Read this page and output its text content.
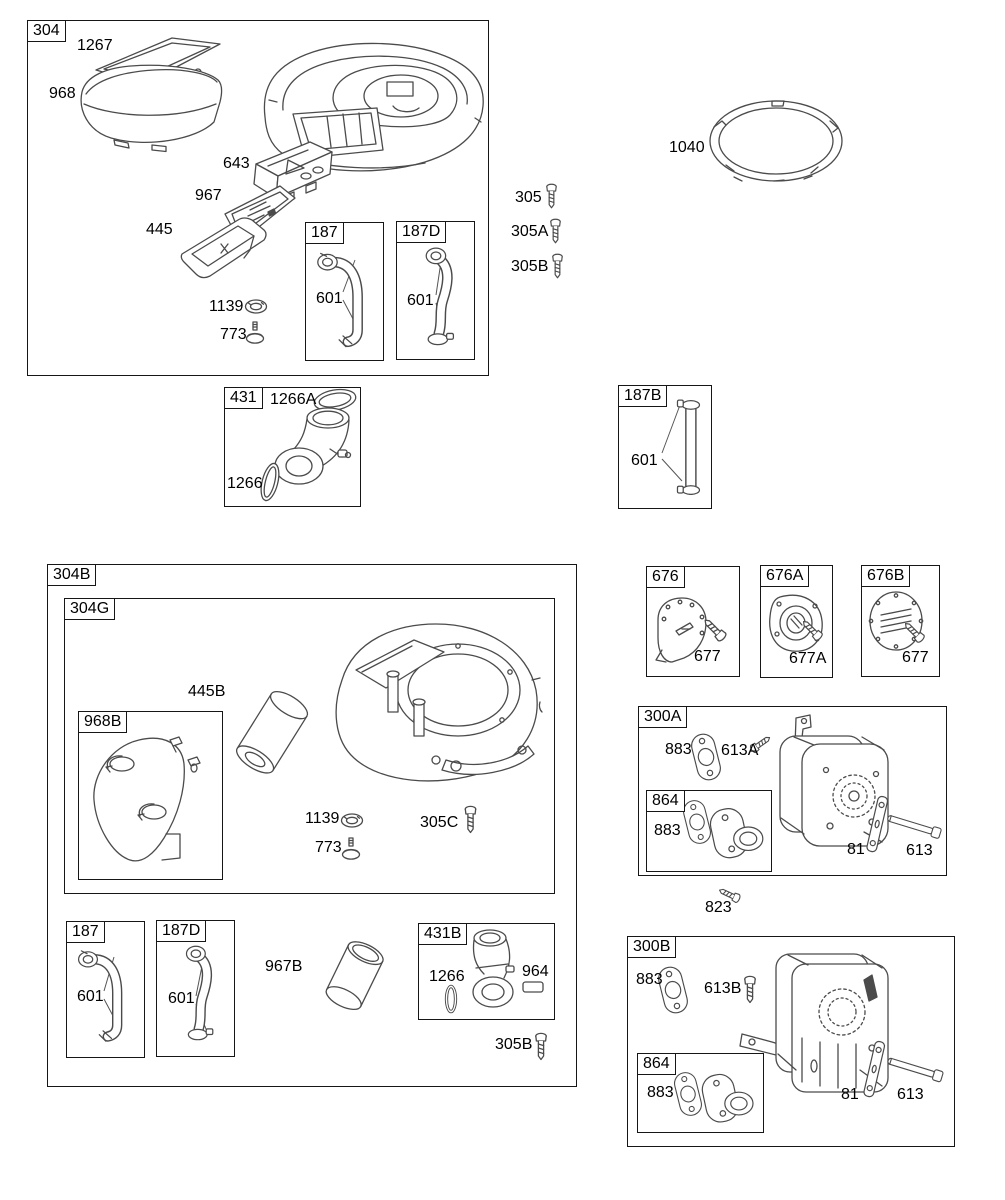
304
1267
968
643
967
445
1139
773
187
601
187D
601
305
305A
305B
1040
431 1266A
1266
187B
601
304B
304G
445B
968B
1139
773
305C
187
601
187D
601
967B
431B
1266	964
305B
676
677
676A
677A
676B
677
300A
883 613A
864
883
81	613
823
300B
883
613B
864
883	81 613
